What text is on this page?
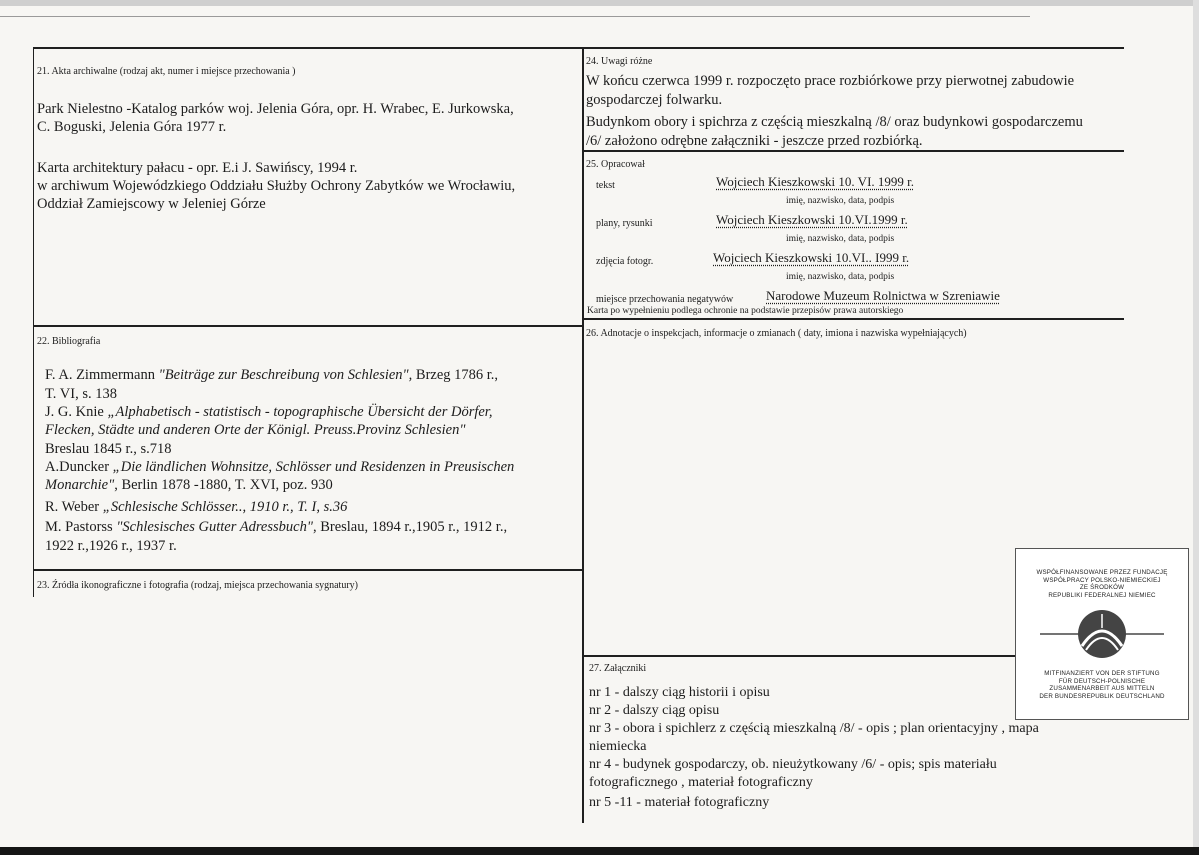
21. Akta archiwalne (rodzaj akt, numer i miejsce przechowania )
Park Nielestno -Katalog parków woj. Jelenia Góra, opr. H. Wrabec, E. Jurkowska,
C. Boguski, Jelenia Góra 1977 r.
Karta architektury pałacu - opr. E.i J. Sawińscy, 1994 r.
w archiwum Wojewódzkiego Oddziału Służby Ochrony Zabytków we Wrocławiu,
Oddział Zamiejscowy w Jeleniej Górze
22. Bibliografia
F. A. Zimmermann "Beiträge zur Beschreibung von Schlesien", Brzeg 1786 r.,
T. VI, s. 138
J. G. Knie „Alphabetisch - statistisch - topographische Übersicht der Dörfer,
Flecken, Städte und anderen Orte der Königl. Preuss.Provinz Schlesien"
Breslau 1845 r., s.718
A.Duncker „Die ländlichen Wohnsitze, Schlösser und Residenzen in Preusischen
Monarchie", Berlin 1878 -1880, T. XVI, poz. 930
R. Weber „Schlesische Schlösser.., 1910 r., T. I, s.36
M. Pastorss "Schlesisches Gutter Adressbuch", Breslau, 1894 r.,1905 r., 1912 r.,
1922 r.,1926 r., 1937 r.
23. Źródła ikonograficzne i fotografia (rodzaj, miejsca przechowania sygnatury)
24. Uwagi różne
W końcu czerwca 1999 r. rozpoczęto prace rozbiórkowe przy pierwotnej zabudowie
gospodarczej folwarku.
Budynkom obory i spichrza z częścią mieszkalną /8/ oraz budynkowi gospodarczemu
/6/ założono odrębne załączniki - jeszcze przed rozbiórką.
25. Opracował
tekst	Wojciech Kieszkowski 10. VI. 1999 r.
imię, nazwisko, data, podpis
plany, rysunki	Wojciech Kieszkowski 10.VI.1999 r.
imię, nazwisko, data, podpis
zdjęcia fotogr.	Wojciech Kieszkowski 10.VI.. I999 r.
imię, nazwisko, data, podpis
miejsce przechowania negatywów	Narodowe Muzeum Rolnictwa w Szreniawie
Karta po wypełnieniu podlega ochronie na podstawie przepisów prawa autorskiego
26. Adnotacje o inspekcjach, informacje o zmianach ( daty, imiona i nazwiska wypełniających)
27. Załączniki
nr 1 - dalszy ciąg historii i opisu
nr 2 - dalszy ciąg opisu
nr 3 - obora i spichlerz z częścią mieszkalną /8/ - opis ; plan orientacyjny , mapa
niemiecka
nr 4 - budynek gospodarczy, ob. nieużytkowany /6/ - opis; spis materiału
fotograficznego , materiał fotograficzny
nr 5 -11 - materiał fotograficzny
WSPÓŁFINANSOWANE PRZEZ FUNDACJĘ
WSPÓŁPRACY POLSKO-NIEMIECKIEJ
ZE ŚRODKÓW
REPUBLIKI FEDERALNEJ NIEMIEC
MITFINANZIERT VON DER STIFTUNG
FÜR DEUTSCH-POLNISCHE
ZUSAMMENARBEIT AUS MITTELN
DER BUNDESREPUBLIK DEUTSCHLAND
